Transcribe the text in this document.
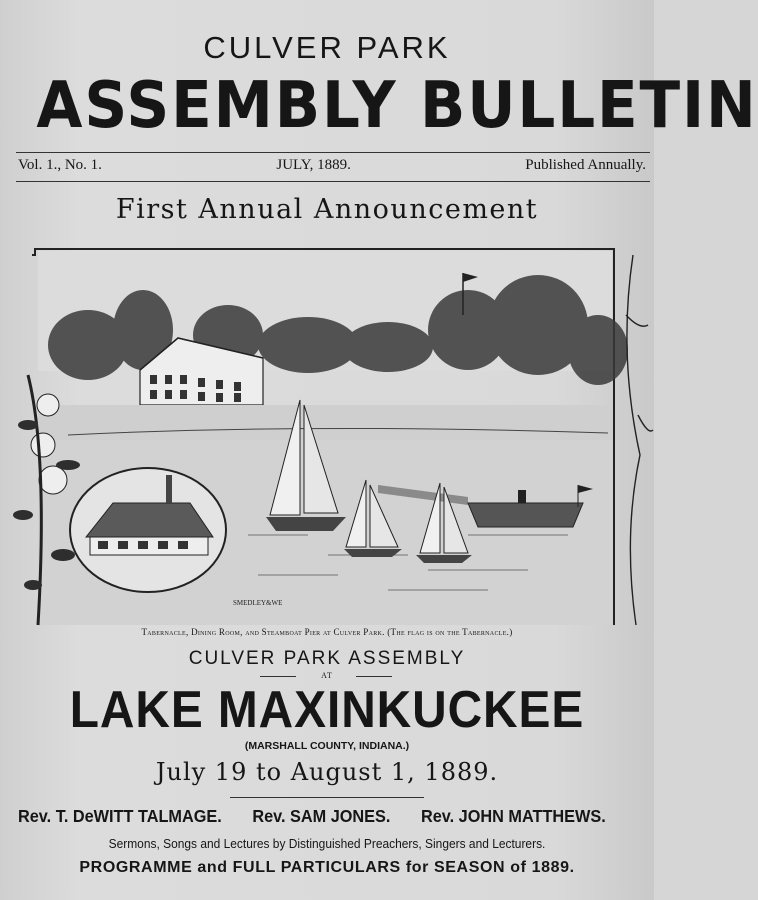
CULVER PARK
ASSEMBLY BULLETIN
Vol. 1., No. 1.	JULY, 1889.	Published Annually.
First Annual Announcement
SMEDLEY&WE
Tabernacle, Dining Room, and Steamboat Pier at Culver Park. (The flag is on the Tabernacle.)
CULVER PARK ASSEMBLY
AT
LAKE MAXINKUCKEE
(MARSHALL COUNTY, INDIANA.)
July 19 to August 1, 1889.
Rev. T. DeWITT TALMAGE. Rev. SAM JONES. Rev. JOHN MATTHEWS.
Sermons, Songs and Lectures by Distinguished Preachers, Singers and Lecturers.
PROGRAMME and FULL PARTICULARS for SEASON of 1889.
